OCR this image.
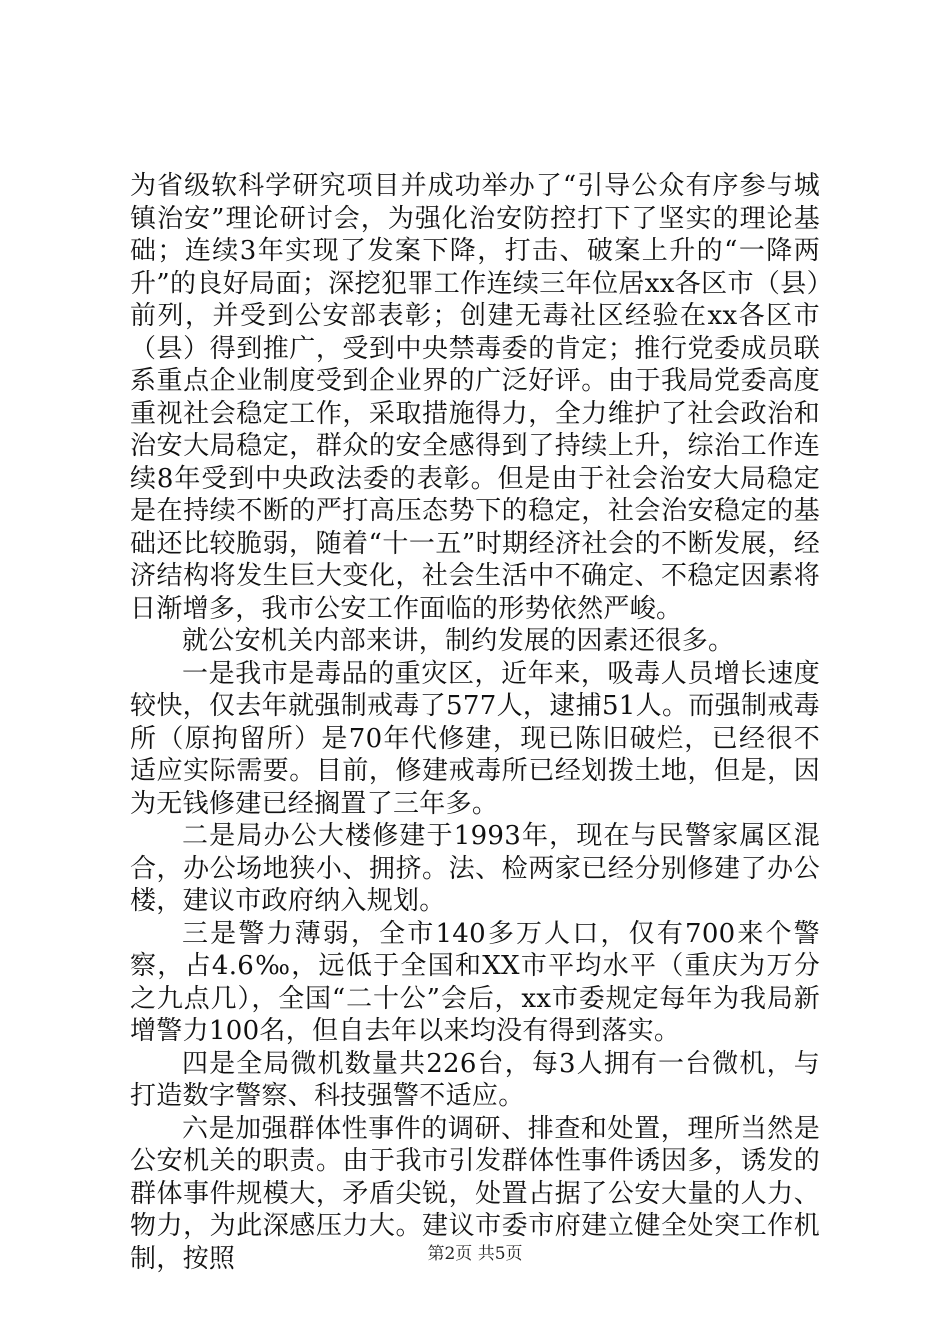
为省级软科学研究项目并成功举办了“引导公众有序参与城镇治安”理论研讨会，为强化治安防控打下了坚实的理论基础；连续3年实现了发案下降，打击、破案上升的“一降两升”的良好局面；深挖犯罪工作连续三年位居xx各区市（县）前列，并受到公安部表彰；创建无毒社区经验在xx各区市（县）得到推广，受到中央禁毒委的肯定；推行党委成员联系重点企业制度受到企业界的广泛好评。由于我局党委高度重视社会稳定工作，采取措施得力，全力维护了社会政治和治安大局稳定，群众的安全感得到了持续上升，综治工作连续8年受到中央政法委的表彰。但是由于社会治安大局稳定是在持续不断的严打高压态势下的稳定，社会治安稳定的基础还比较脆弱，随着“十一五”时期经济社会的不断发展，经济结构将发生巨大变化，社会生活中不确定、不稳定因素将日渐增多，我市公安工作面临的形势依然严峻。

就公安机关内部来讲，制约发展的因素还很多。

一是我市是毒品的重灾区，近年来，吸毒人员增长速度较快，仅去年就强制戒毒了577人，逮捕51人。而强制戒毒所（原拘留所）是70年代修建，现已陈旧破烂，已经很不适应实际需要。目前，修建戒毒所已经划拨土地，但是，因为无钱修建已经搁置了三年多。

二是局办公大楼修建于1993年，现在与民警家属区混合，办公场地狭小、拥挤。法、检两家已经分别修建了办公楼，建议市政府纳入规划。

三是警力薄弱，全市140多万人口，仅有700来个警察，占4.6‰，远低于全国和XX市平均水平（重庆为万分之九点几），全国“二十公”会后，xx市委规定每年为我局新增警力100名，但自去年以来均没有得到落实。

四是全局微机数量共226台，每3人拥有一台微机，与打造数字警察、科技强警不适应。

六是加强群体性事件的调研、排查和处置，理所当然是公安机关的职责。由于我市引发群体性事件诱因多，诱发的群体事件规模大，矛盾尖锐，处置占据了公安大量的人力、物力，为此深感压力大。建议市委市府建立健全处突工作机制，按照	第2页 共5页
